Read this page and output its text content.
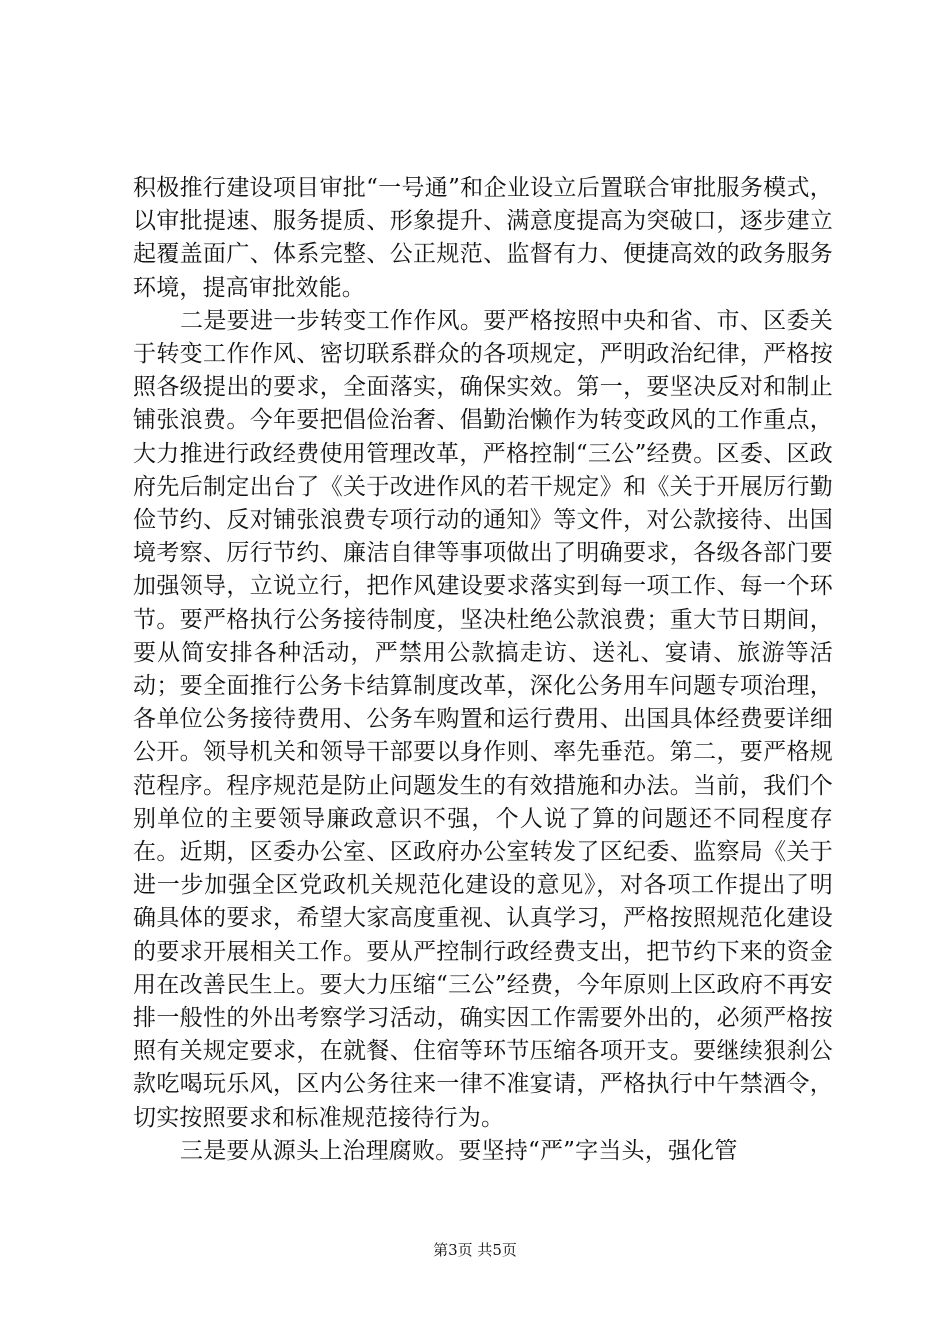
积极推行建设项目审批“一号通”和企业设立后置联合审批服务模式，以审批提速、服务提质、形象提升、满意度提高为突破口，逐步建立起覆盖面广、体系完整、公正规范、监督有力、便捷高效的政务服务环境，提高审批效能。

二是要进一步转变工作作风。要严格按照中央和省、市、区委关于转变工作作风、密切联系群众的各项规定，严明政治纪律，严格按照各级提出的要求，全面落实，确保实效。第一，要坚决反对和制止铺张浪费。今年要把倡俭治奢、倡勤治懒作为转变政风的工作重点，大力推进行政经费使用管理改革，严格控制“三公”经费。区委、区政府先后制定出台了《关于改进作风的若干规定》和《关于开展厉行勤俭节约、反对铺张浪费专项行动的通知》等文件，对公款接待、出国境考察、厉行节约、廉洁自律等事项做出了明确要求，各级各部门要加强领导，立说立行，把作风建设要求落实到每一项工作、每一个环节。要严格执行公务接待制度，坚决杜绝公款浪费；重大节日期间，要从简安排各种活动，严禁用公款搞走访、送礼、宴请、旅游等活动；要全面推行公务卡结算制度改革，深化公务用车问题专项治理，各单位公务接待费用、公务车购置和运行费用、出国具体经费要详细公开。领导机关和领导干部要以身作则、率先垂范。第二，要严格规范程序。程序规范是防止问题发生的有效措施和办法。当前，我们个别单位的主要领导廉政意识不强，个人说了算的问题还不同程度存在。近期，区委办公室、区政府办公室转发了区纪委、监察局《关于进一步加强全区党政机关规范化建设的意见》，对各项工作提出了明确具体的要求，希望大家高度重视、认真学习，严格按照规范化建设的要求开展相关工作。要从严控制行政经费支出，把节约下来的资金用在改善民生上。要大力压缩“三公”经费，今年原则上区政府不再安排一般性的外出考察学习活动，确实因工作需要外出的，必须严格按照有关规定要求，在就餐、住宿等环节压缩各项开支。要继续狠刹公款吃喝玩乐风，区内公务往来一律不准宴请，严格执行中午禁酒令，切实按照要求和标准规范接待行为。

三是要从源头上治理腐败。要坚持“严”字当头，强化管

第3页 共5页
